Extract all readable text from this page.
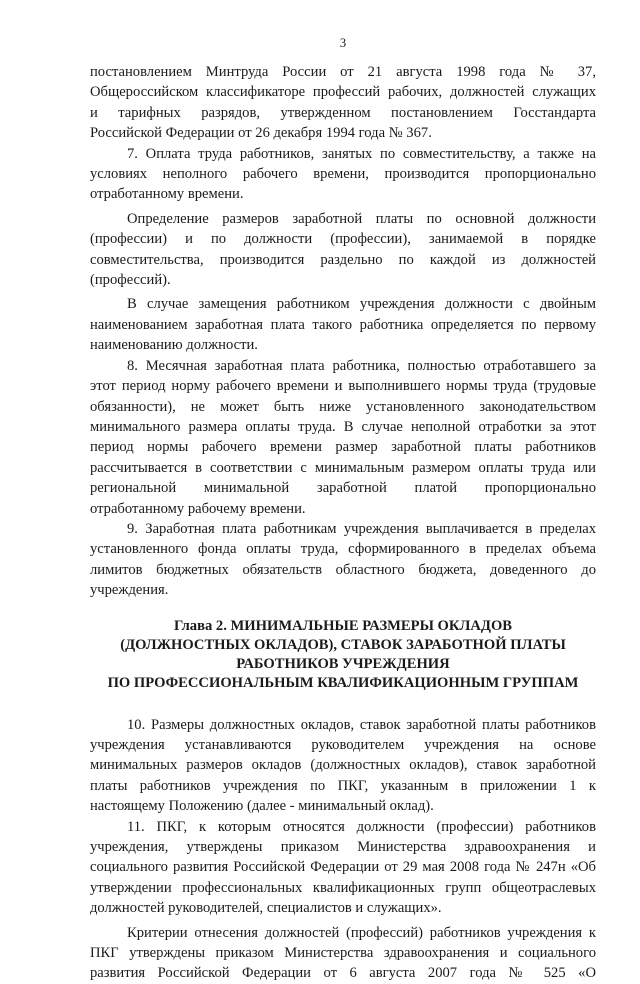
3
постановлением Минтруда России от 21 августа 1998 года № 37,
Общероссийском классификаторе профессий рабочих, должностей служащих
и тарифных разрядов, утвержденном постановлением Госстандарта
Российской Федерации от 26 декабря 1994 года № 367.
7. Оплата труда работников, занятых по совместительству, а также на
условиях неполного рабочего времени, производится пропорционально
отработанному времени.
Определение размеров заработной платы по основной должности
(профессии) и по должности (профессии), занимаемой в порядке
совместительства, производится раздельно по каждой из должностей
(профессий).
В случае замещения работником учреждения должности с двойным
наименованием заработная плата такого работника определяется по первому
наименованию должности.
8. Месячная заработная плата работника, полностью отработавшего за
этот период норму рабочего времени и выполнившего нормы труда (трудовые
обязанности), не может быть ниже установленного законодательством
минимального размера оплаты труда. В случае неполной отработки за этот
период нормы рабочего времени размер заработной платы работников
рассчитывается в соответствии с минимальным размером оплаты труда или
региональной минимальной заработной платой пропорционально
отработанному рабочему времени.
9. Заработная плата работникам учреждения выплачивается в пределах
установленного фонда оплаты труда, сформированного в пределах объема
лимитов бюджетных обязательств областного бюджета, доведенного до
учреждения.
Глава 2. МИНИМАЛЬНЫЕ РАЗМЕРЫ ОКЛАДОВ
(ДОЛЖНОСТНЫХ ОКЛАДОВ), СТАВОК ЗАРАБОТНОЙ ПЛАТЫ
РАБОТНИКОВ УЧРЕЖДЕНИЯ
ПО ПРОФЕССИОНАЛЬНЫМ КВАЛИФИКАЦИОННЫМ ГРУППАМ
10. Размеры должностных окладов, ставок заработной платы работников
учреждения устанавливаются руководителем учреждения на основе
минимальных размеров окладов (должностных окладов), ставок заработной
платы работников учреждения по ПКГ, указанным в приложении 1 к
настоящему Положению (далее - минимальный оклад).
11. ПКГ, к которым относятся должности (профессии) работников
учреждения, утверждены приказом Министерства здравоохранения и
социального развития Российской Федерации от 29 мая 2008 года № 247н «Об
утверждении профессиональных квалификационных групп общеотраслевых
должностей руководителей, специалистов и служащих».
Критерии отнесения должностей (профессий) работников учреждения к
ПКГ утверждены приказом Министерства здравоохранения и социального
развития Российской Федерации от 6 августа 2007 года № 525 «О
